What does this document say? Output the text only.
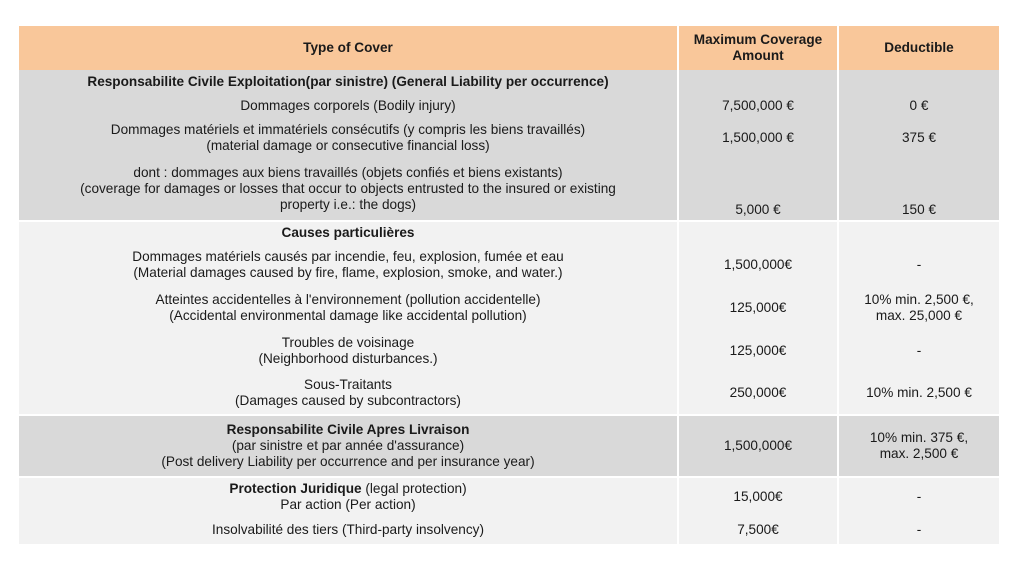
Type of Cover	Maximum Coverage Amount	Deductible
Responsabilite Civile Exploitation(par sinistre) (General Liability per occurrence)		
Dommages corporels (Bodily injury)	7,500,000 €	0 €

Dommages matériels et immatériels consécutifs (y compris les biens travaillés)
(material damage or consecutive financial loss)	1,500,000 €	375 €

dont : dommages aux biens travaillés (objets confiés et biens existants)
(coverage for damages or losses that occur to objects entrusted to the insured or existing
property i.e.: the dogs)	5,000 €	150 €
Causes particulières		

Dommages matériels causés par incendie, feu, explosion, fumée et eau
(Material damages caused by fire, flame, explosion, smoke, and water.)	1,500,000€	-

Atteintes accidentelles à l'environnement (pollution accidentelle)
(Accidental environmental damage like accidental pollution)	125,000€	10% min. 2,500 €,
max. 25,000 €

Troubles de voisinage
(Neighborhood disturbances.)	125,000€	-

Sous-Traitants
(Damages caused by subcontractors)	250,000€	10% min. 2,500 €

Responsabilite Civile Apres Livraison
(par sinistre et par année d'assurance)
(Post delivery Liability per occurrence and per insurance year)	1,500,000€	10% min. 375 €,
max. 2,500 €

Protection Juridique (legal protection)
Par action (Per action)	15,000€	-
Insolvabilité des tiers (Third-party insolvency)	7,500€	-
